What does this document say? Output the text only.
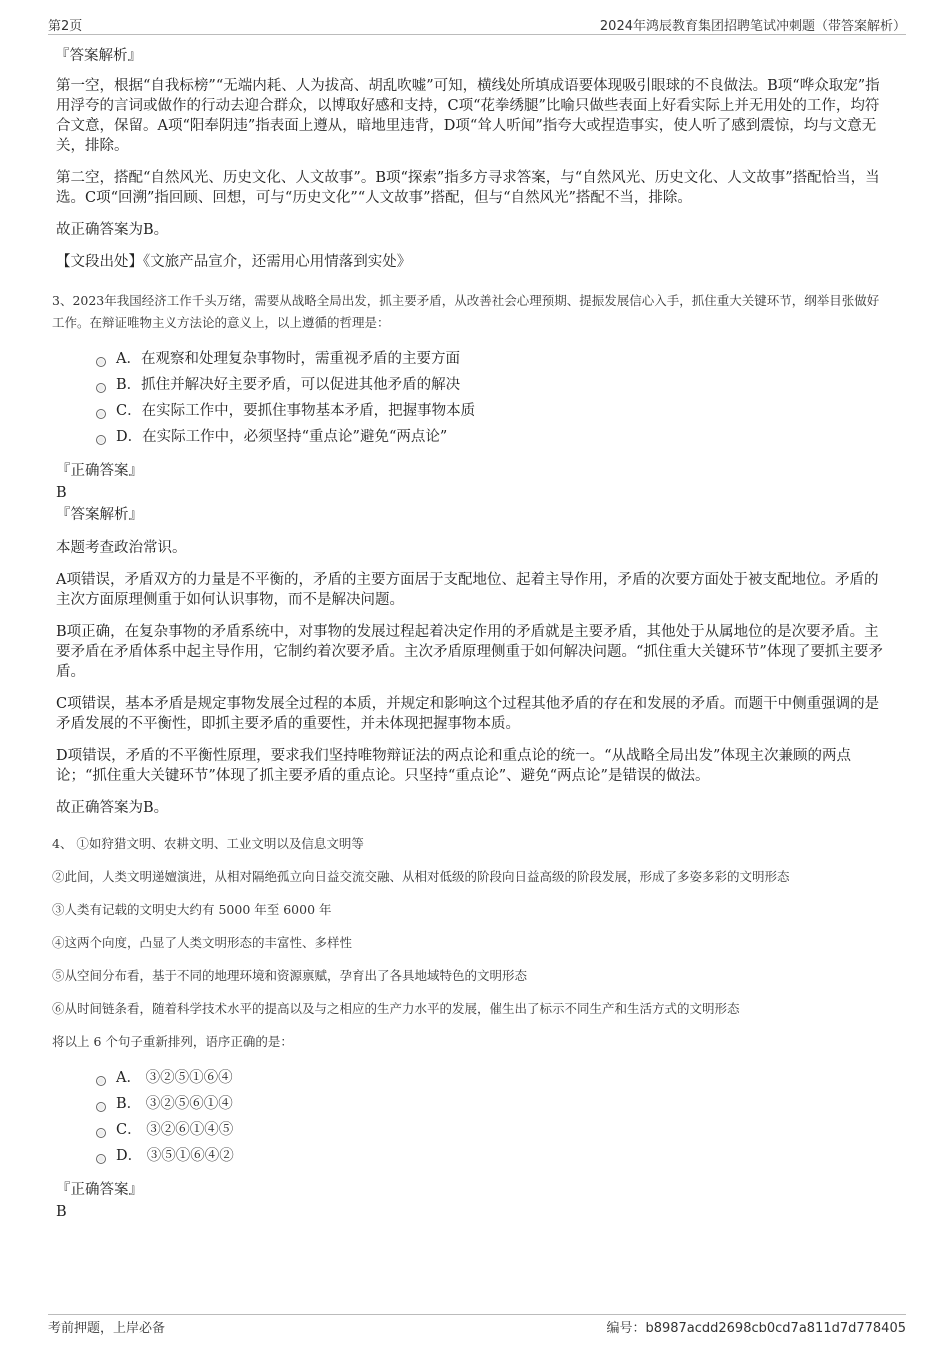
第2页	2024年鸿辰教育集团招聘笔试冲刺题（带答案解析）
『答案解析』

第一空，根据“自我标榜”“无端内耗、人为拔高、胡乱吹嘘”可知，横线处所填成语要体现吸引眼球的不良做法。B项“哗众取宠”指用浮夸的言词或做作的行动去迎合群众，以博取好感和支持，C项“花拳绣腿”比喻只做些表面上好看实际上并无用处的工作，均符合文意，保留。A项“阳奉阴违”指表面上遵从，暗地里违背，D项“耸人听闻”指夸大或捏造事实，使人听了感到震惊，均与文意无关，排除。

第二空，搭配“自然风光、历史文化、人文故事”。B项“探索”指多方寻求答案，与“自然风光、历史文化、人文故事”搭配恰当，当选。C项“回溯”指回顾、回想，可与“历史文化”“人文故事”搭配，但与“自然风光”搭配不当，排除。

故正确答案为B。

【文段出处】《文旅产品宣介，还需用心用情落到实处》

3、2023年我国经济工作千头万绪，需要从战略全局出发，抓主要矛盾，从改善社会心理预期、提振发展信心入手，抓住重大关键环节，纲举目张做好工作。在辩证唯物主义方法论的意义上，以上遵循的哲理是：
A．在观察和处理复杂事物时，需重视矛盾的主要方面
B．抓住并解决好主要矛盾，可以促进其他矛盾的解决
C．在实际工作中，要抓住事物基本矛盾，把握事物本质
D．在实际工作中，必须坚持“重点论”避免“两点论”
『正确答案』
B
『答案解析』

本题考查政治常识。

A项错误，矛盾双方的力量是不平衡的，矛盾的主要方面居于支配地位、起着主导作用，矛盾的次要方面处于被支配地位。矛盾的主次方面原理侧重于如何认识事物，而不是解决问题。

B项正确，在复杂事物的矛盾系统中，对事物的发展过程起着决定作用的矛盾就是主要矛盾，其他处于从属地位的是次要矛盾。主要矛盾在矛盾体系中起主导作用，它制约着次要矛盾。主次矛盾原理侧重于如何解决问题。“抓住重大关键环节”体现了要抓主要矛盾。

C项错误，基本矛盾是规定事物发展全过程的本质，并规定和影响这个过程其他矛盾的存在和发展的矛盾。而题干中侧重强调的是矛盾发展的不平衡性，即抓主要矛盾的重要性，并未体现把握事物本质。

D项错误，矛盾的不平衡性原理，要求我们坚持唯物辩证法的两点论和重点论的统一。“从战略全局出发”体现主次兼顾的两点论；“抓住重大关键环节”体现了抓主要矛盾的重点论。只坚持“重点论”、避免“两点论”是错误的做法。

故正确答案为B。

4、 ①如狩猎文明、农耕文明、工业文明以及信息文明等
②此间，人类文明递嬗演进，从相对隔绝孤立向日益交流交融、从相对低级的阶段向日益高级的阶段发展，形成了多姿多彩的文明形态
③人类有记载的文明史大约有 5000 年至 6000 年
④这两个向度，凸显了人类文明形态的丰富性、多样性
⑤从空间分布看，基于不同的地理环境和资源禀赋，孕育出了各具地域特色的文明形态
⑥从时间链条看，随着科学技术水平的提高以及与之相应的生产力水平的发展，催生出了标示不同生产和生活方式的文明形态
将以上 6 个句子重新排列，语序正确的是：
A． ③②⑤①⑥④
B． ③②⑤⑥①④
C． ③②⑥①④⑤
D． ③⑤①⑥④②
『正确答案』
B
考前押题，上岸必备	编号：b8987acdd2698cb0cd7a811d7d778405
